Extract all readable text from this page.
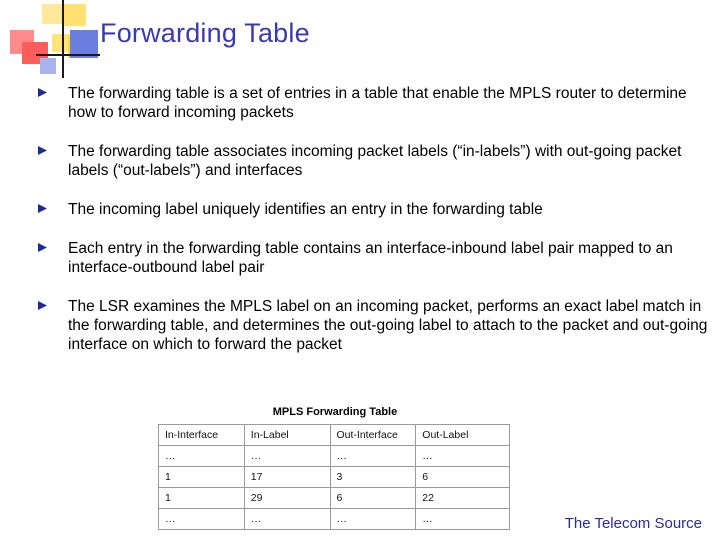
Forwarding Table
The forwarding table is a set of entries in a table that enable the MPLS router to determine how to forward incoming packets
The forwarding table associates incoming packet labels (“in-labels”) with out-going packet labels (“out-labels”) and interfaces
The incoming label uniquely identifies an entry in the forwarding table
Each entry in the forwarding table contains an interface-inbound label pair mapped to an interface-outbound label pair
The LSR examines the MPLS label on an incoming packet, performs an exact label match in the forwarding table, and determines the out-going label to attach to the packet and out-going interface on which to forward the packet
MPLS Forwarding Table
In-Interface	In-Label	Out-Interface	Out-Label
…	…	…	…
1	17	3	6
1	29	6	22
…	…	…	…	The Telecom Source
